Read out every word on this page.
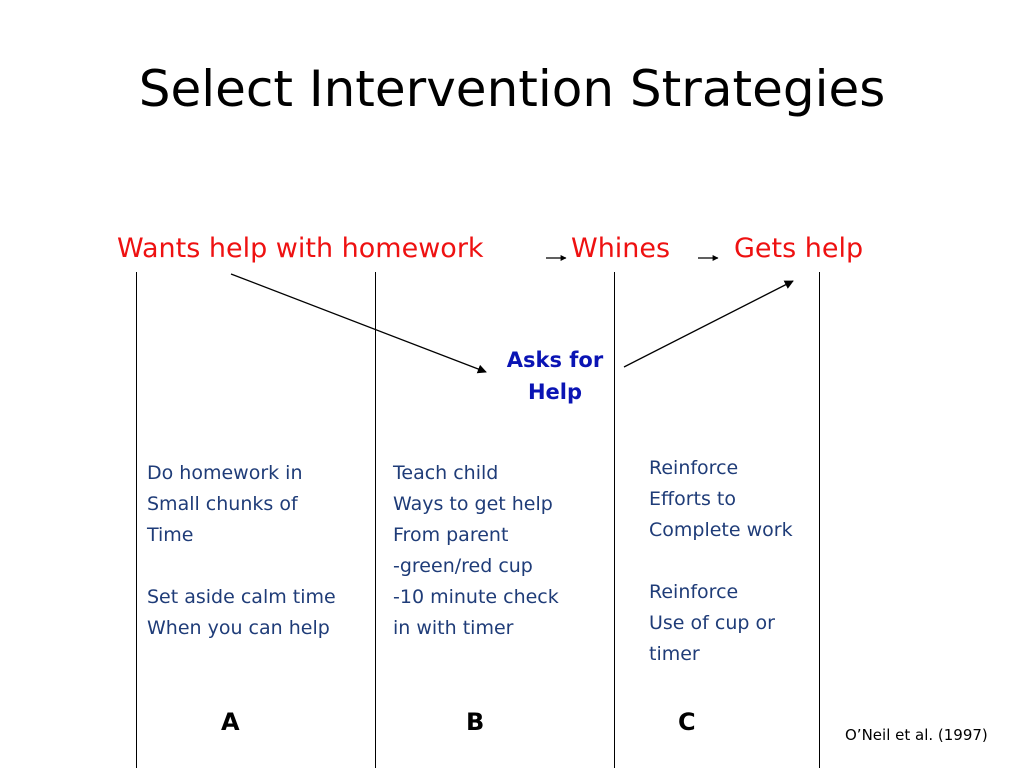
Select Intervention Strategies
Wants help with homework	Whines Gets help
Asks for
Help
Do homework in
Small chunks of
Time
Set aside calm time
When you can help
Teach child
Ways to get help
From parent
-green/red cup
-10 minute check
in with timer
Reinforce
Efforts to
Complete work
Reinforce
Use of cup or
timer
A	B	C	O’Neil et al. (1997)
